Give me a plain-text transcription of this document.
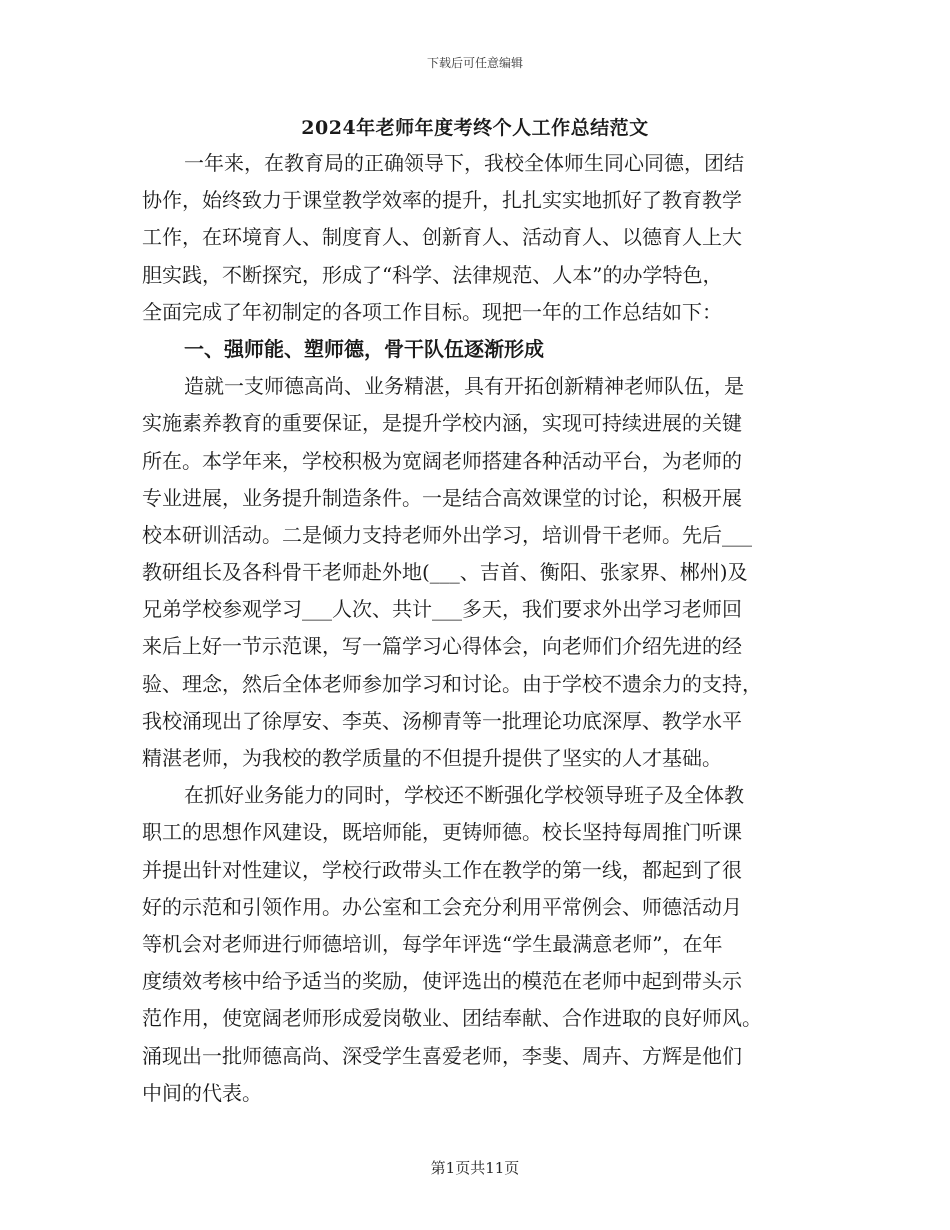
下载后可任意编辑
2024年老师年度考终个人工作总结范文
一年来，在教育局的正确领导下，我校全体师生同心同德，团结
协作，始终致力于课堂教学效率的提升，扎扎实实地抓好了教育教学
工作，在环境育人、制度育人、创新育人、活动育人、以德育人上大
胆实践，不断探究，形成了“科学、法律规范、人本”的办学特色，
全面完成了年初制定的各项工作目标。现把一年的工作总结如下：
一、强师能、塑师德，骨干队伍逐渐形成
造就一支师德高尚、业务精湛，具有开拓创新精神老师队伍，是
实施素养教育的重要保证，是提升学校内涵，实现可持续进展的关键
所在。本学年来，学校积极为宽阔老师搭建各种活动平台，为老师的
专业进展，业务提升制造条件。一是结合高效课堂的讨论，积极开展
校本研训活动。二是倾力支持老师外出学习，培训骨干老师。先后___
教研组长及各科骨干老师赴外地(___、吉首、衡阳、张家界、郴州)及
兄弟学校参观学习___人次、共计___多天，我们要求外出学习老师回
来后上好一节示范课，写一篇学习心得体会，向老师们介绍先进的经
验、理念，然后全体老师参加学习和讨论。由于学校不遗余力的支持，
我校涌现出了徐厚安、李英、汤柳青等一批理论功底深厚、教学水平
精湛老师，为我校的教学质量的不但提升提供了坚实的人才基础。
在抓好业务能力的同时，学校还不断强化学校领导班子及全体教
职工的思想作风建设，既培师能，更铸师德。校长坚持每周推门听课
并提出针对性建议，学校行政带头工作在教学的第一线，都起到了很
好的示范和引领作用。办公室和工会充分利用平常例会、师德活动月
等机会对老师进行师德培训，每学年评选“学生最满意老师”，在年
度绩效考核中给予适当的奖励，使评选出的模范在老师中起到带头示
范作用，使宽阔老师形成爱岗敬业、团结奉献、合作进取的良好师风。
涌现出一批师德高尚、深受学生喜爱老师，李斐、周卉、方辉是他们
中间的代表。
第1页共11页
